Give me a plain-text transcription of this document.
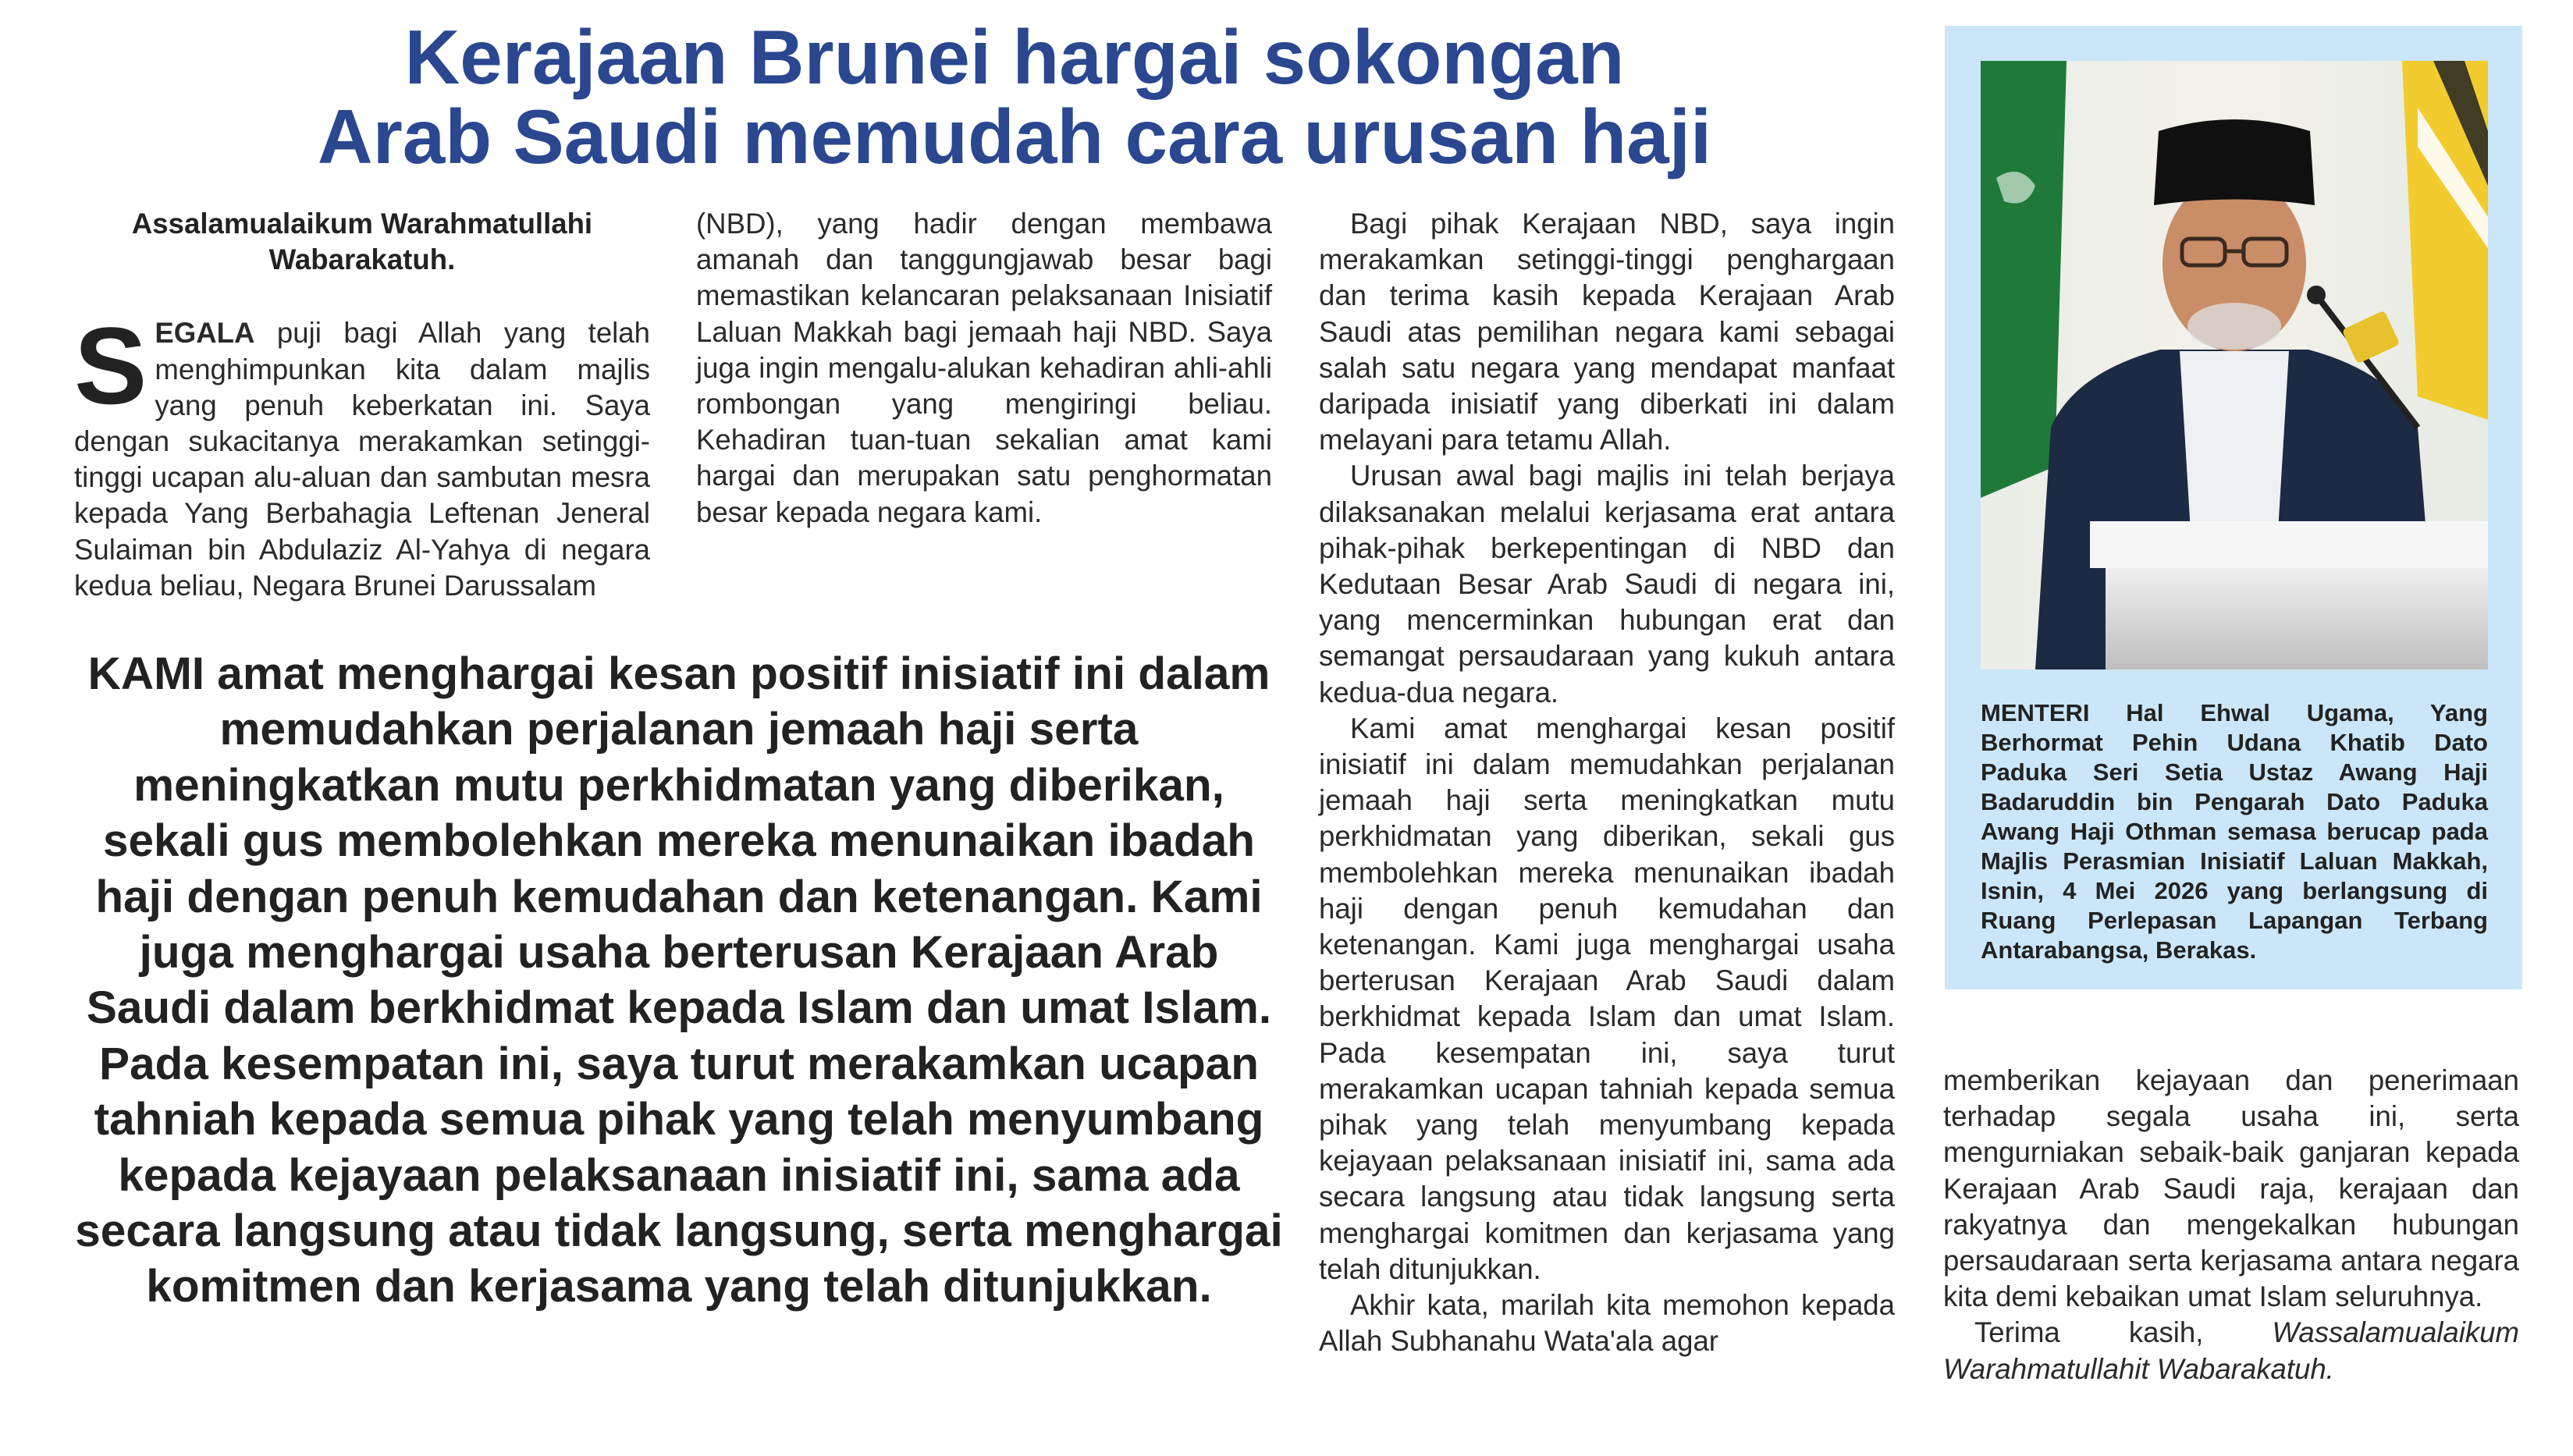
Kerajaan Brunei hargai sokongan
Arab Saudi memudah cara urusan haji

Assalamualaikum Warahmatullahi Wabarakatuh.

SEGALA puji bagi Allah yang telah menghimpunkan kita dalam majlis yang penuh keberkatan ini. Saya dengan sukacitanya merakamkan setinggi-tinggi ucapan alu-aluan dan sambutan mesra kepada Yang Berbahagia Leftenan Jeneral Sulaiman bin Abdulaziz Al-Yahya di negara kedua beliau, Negara Brunei Darussalam

(NBD), yang hadir dengan membawa amanah dan tanggungjawab besar bagi memastikan kelancaran pelaksanaan Inisiatif Laluan Makkah bagi jemaah haji NBD. Saya juga ingin mengalu-alukan kehadiran ahli-ahli rombongan yang mengiringi beliau. Kehadiran tuan-tuan sekalian amat kami hargai dan merupakan satu penghormatan besar kepada negara kami.

Bagi pihak Kerajaan NBD, saya ingin merakamkan setinggi-tinggi penghargaan dan terima kasih kepada Kerajaan Arab Saudi atas pemilihan negara kami sebagai salah satu negara yang mendapat manfaat daripada inisiatif yang diberkati ini dalam melayani para tetamu Allah.

Urusan awal bagi majlis ini telah berjaya dilaksanakan melalui kerjasama erat antara pihak-pihak berkepentingan di NBD dan Kedutaan Besar Arab Saudi di negara ini, yang mencerminkan hubungan erat dan semangat persaudaraan yang kukuh antara kedua-dua negara.

Kami amat menghargai kesan positif inisiatif ini dalam memudahkan perjalanan jemaah haji serta meningkatkan mutu perkhidmatan yang diberikan, sekali gus membolehkan mereka menunaikan ibadah haji dengan penuh kemudahan dan ketenangan. Kami juga menghargai usaha berterusan Kerajaan Arab Saudi dalam berkhidmat kepada Islam dan umat Islam. Pada kesempatan ini, saya turut merakamkan ucapan tahniah kepada semua pihak yang telah menyumbang kepada kejayaan pelaksanaan inisiatif ini, sama ada secara langsung atau tidak langsung serta menghargai komitmen dan kerjasama yang telah ditunjukkan.

Akhir kata, marilah kita memohon kepada Allah Subhanahu Wata'ala agar

memberikan kejayaan dan penerimaan terhadap segala usaha ini, serta mengurniakan sebaik-baik ganjaran kepada Kerajaan Arab Saudi raja, kerajaan dan rakyatnya dan mengekalkan hubungan persaudaraan serta kerjasama antara negara kita demi kebaikan umat Islam seluruhnya.

Terima kasih, Wassalamualaikum Warahmatullahit Wabarakatuh.

KAMI amat menghargai kesan positif inisiatif ini dalam memudahkan perjalanan jemaah haji serta meningkatkan mutu perkhidmatan yang diberikan, sekali gus membolehkan mereka menunaikan ibadah haji dengan penuh kemudahan dan ketenangan. Kami juga menghargai usaha berterusan Kerajaan Arab Saudi dalam berkhidmat kepada Islam dan umat Islam. Pada kesempatan ini, saya turut merakamkan ucapan tahniah kepada semua pihak yang telah menyumbang kepada kejayaan pelaksanaan inisiatif ini, sama ada secara langsung atau tidak langsung, serta menghargai komitmen dan kerjasama yang telah ditunjukkan.

MENTERI Hal Ehwal Ugama, Yang Berhormat Pehin Udana Khatib Dato Paduka Seri Setia Ustaz Awang Haji Badaruddin bin Pengarah Dato Paduka Awang Haji Othman semasa berucap pada Majlis Perasmian Inisiatif Laluan Makkah, Isnin, 4 Mei 2026 yang berlangsung di Ruang Perlepasan Lapangan Terbang Antarabangsa, Berakas.
